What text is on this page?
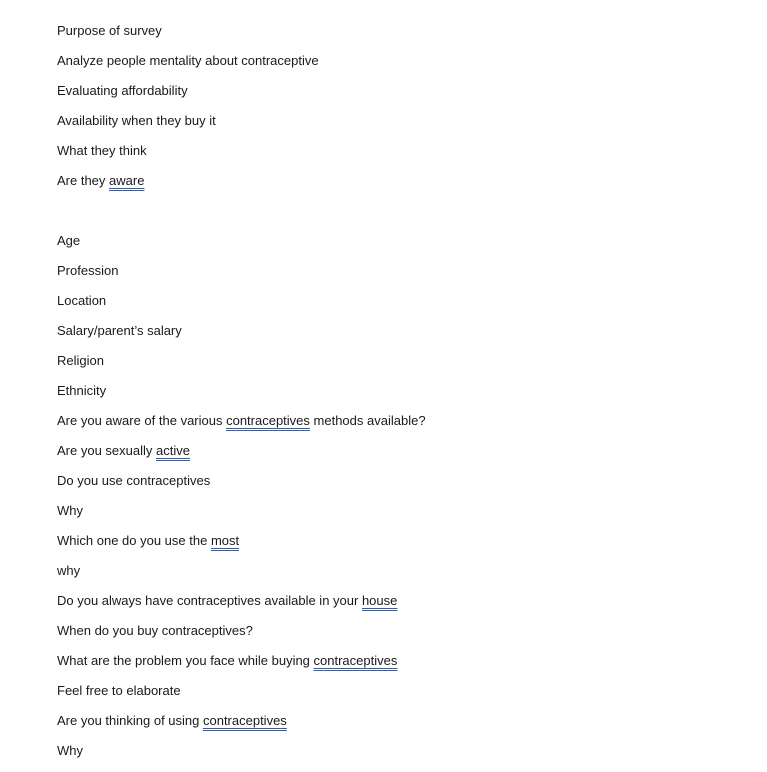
Purpose of survey
Analyze people mentality about contraceptive
Evaluating affordability
Availability when they buy it
What they think
Are they aware
Age
Profession
Location
Salary/parent’s salary
Religion
Ethnicity
Are you aware of the various contraceptives methods available?
Are you sexually active
Do you use contraceptives
Why
Which one do you use the most
why
Do you always have contraceptives available in your house
When do you buy contraceptives?
What are the problem you face while buying contraceptives
Feel free to elaborate
Are you thinking of using contraceptives
Why
